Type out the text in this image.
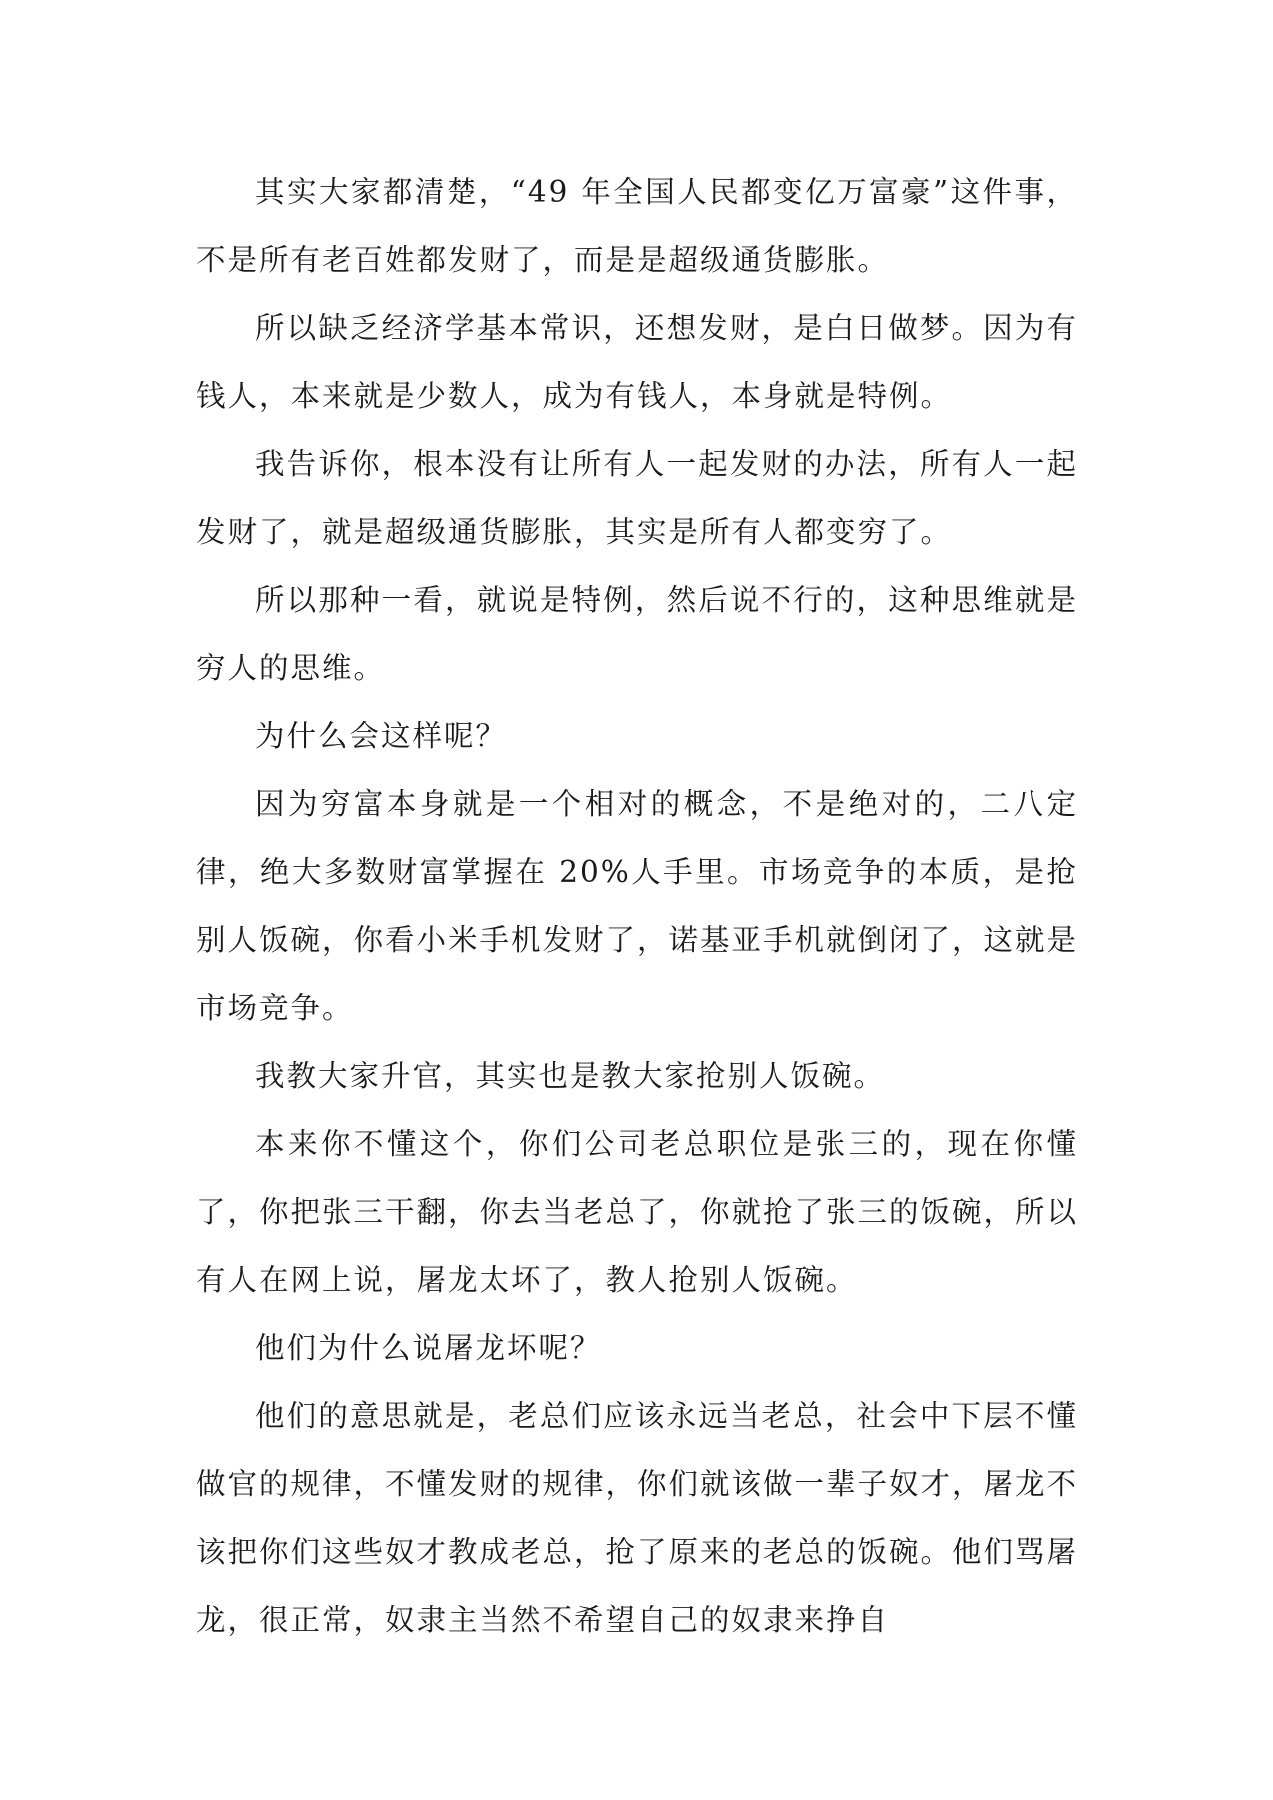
其实大家都清楚，“49 年全国人民都变亿万富豪”这件事，不是所有老百姓都发财了，而是是超级通货膨胀。

所以缺乏经济学基本常识，还想发财，是白日做梦。因为有钱人，本来就是少数人，成为有钱人，本身就是特例。

我告诉你，根本没有让所有人一起发财的办法，所有人一起发财了，就是超级通货膨胀，其实是所有人都变穷了。

所以那种一看，就说是特例，然后说不行的，这种思维就是穷人的思维。

为什么会这样呢？

因为穷富本身就是一个相对的概念，不是绝对的，二八定律，绝大多数财富掌握在 20%人手里。市场竞争的本质，是抢别人饭碗，你看小米手机发财了，诺基亚手机就倒闭了，这就是市场竞争。

我教大家升官，其实也是教大家抢别人饭碗。

本来你不懂这个，你们公司老总职位是张三的，现在你懂了，你把张三干翻，你去当老总了，你就抢了张三的饭碗，所以有人在网上说，屠龙太坏了，教人抢别人饭碗。

他们为什么说屠龙坏呢？

他们的意思就是，老总们应该永远当老总，社会中下层不懂做官的规律，不懂发财的规律，你们就该做一辈子奴才，屠龙不该把你们这些奴才教成老总，抢了原来的老总的饭碗。他们骂屠龙，很正常，奴隶主当然不希望自己的奴隶来挣自
